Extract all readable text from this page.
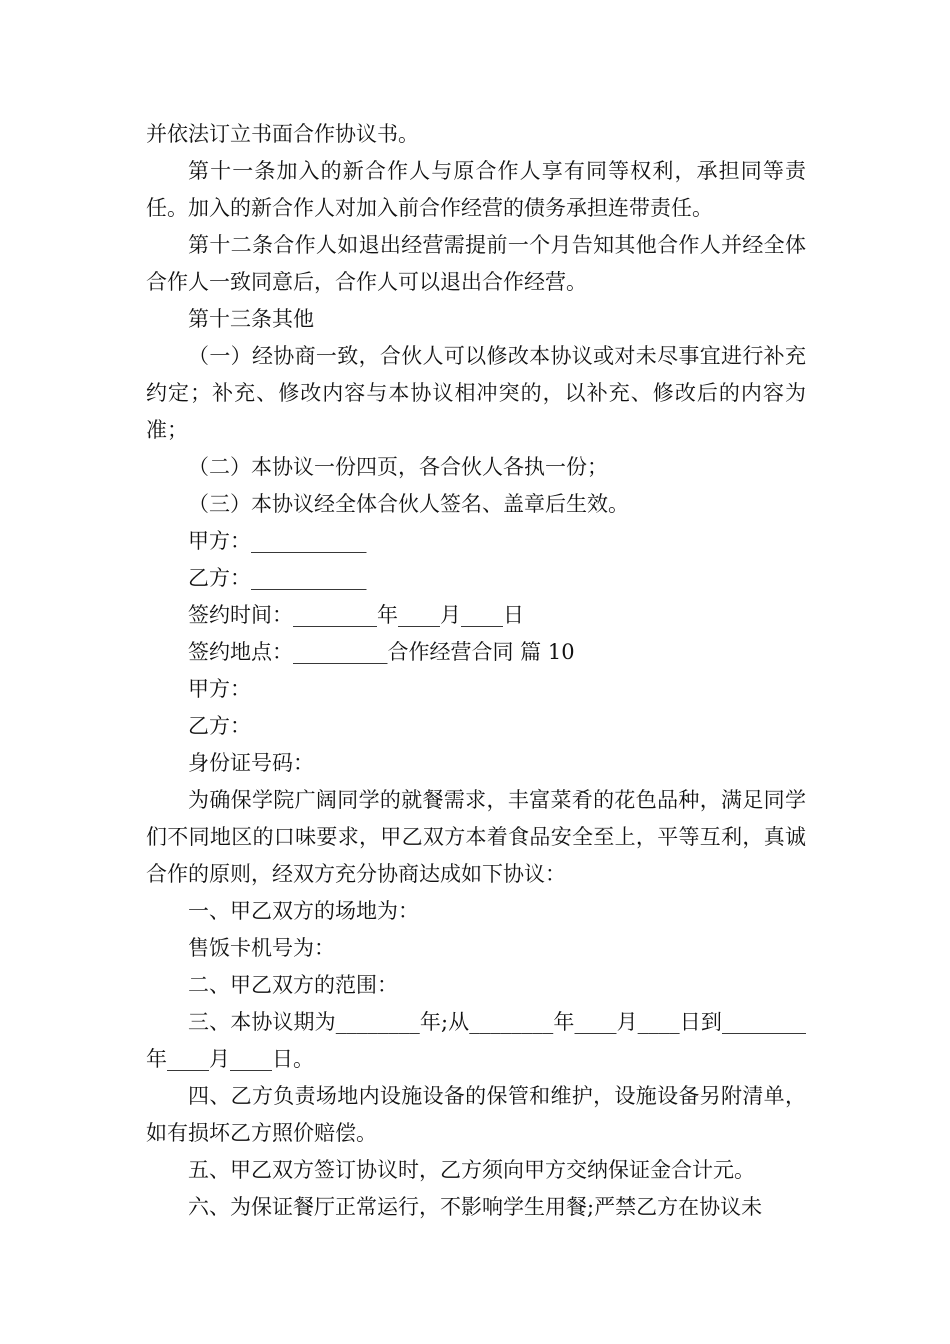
并依法订立书面合作协议书。

第十一条加入的新合作人与原合作人享有同等权利，承担同等责任。加入的新合作人对加入前合作经营的债务承担连带责任。

第十二条合作人如退出经营需提前一个月告知其他合作人并经全体合作人一致同意后，合作人可以退出合作经营。

第十三条其他

（一）经协商一致，合伙人可以修改本协议或对未尽事宜进行补充约定；补充、修改内容与本协议相冲突的，以补充、修改后的内容为准；

（二）本协议一份四页，各合伙人各执一份；

（三）本协议经全体合伙人签名、盖章后生效。

甲方：___________

乙方：___________

签约时间：________年____月____日

签约地点：_________合作经营合同 篇 10

甲方：

乙方：

身份证号码：

为确保学院广阔同学的就餐需求，丰富菜肴的花色品种，满足同学们不同地区的口味要求，甲乙双方本着食品安全至上，平等互利，真诚合作的原则，经双方充分协商达成如下协议：

一、甲乙双方的场地为：

售饭卡机号为：

二、甲乙双方的范围：

三、本协议期为________年;从________年____月____日到________年____月____日。

四、乙方负责场地内设施设备的保管和维护，设施设备另附清单，如有损坏乙方照价赔偿。

五、甲乙双方签订协议时，乙方须向甲方交纳保证金合计元。

六、为保证餐厅正常运行，不影响学生用餐;严禁乙方在协议未
